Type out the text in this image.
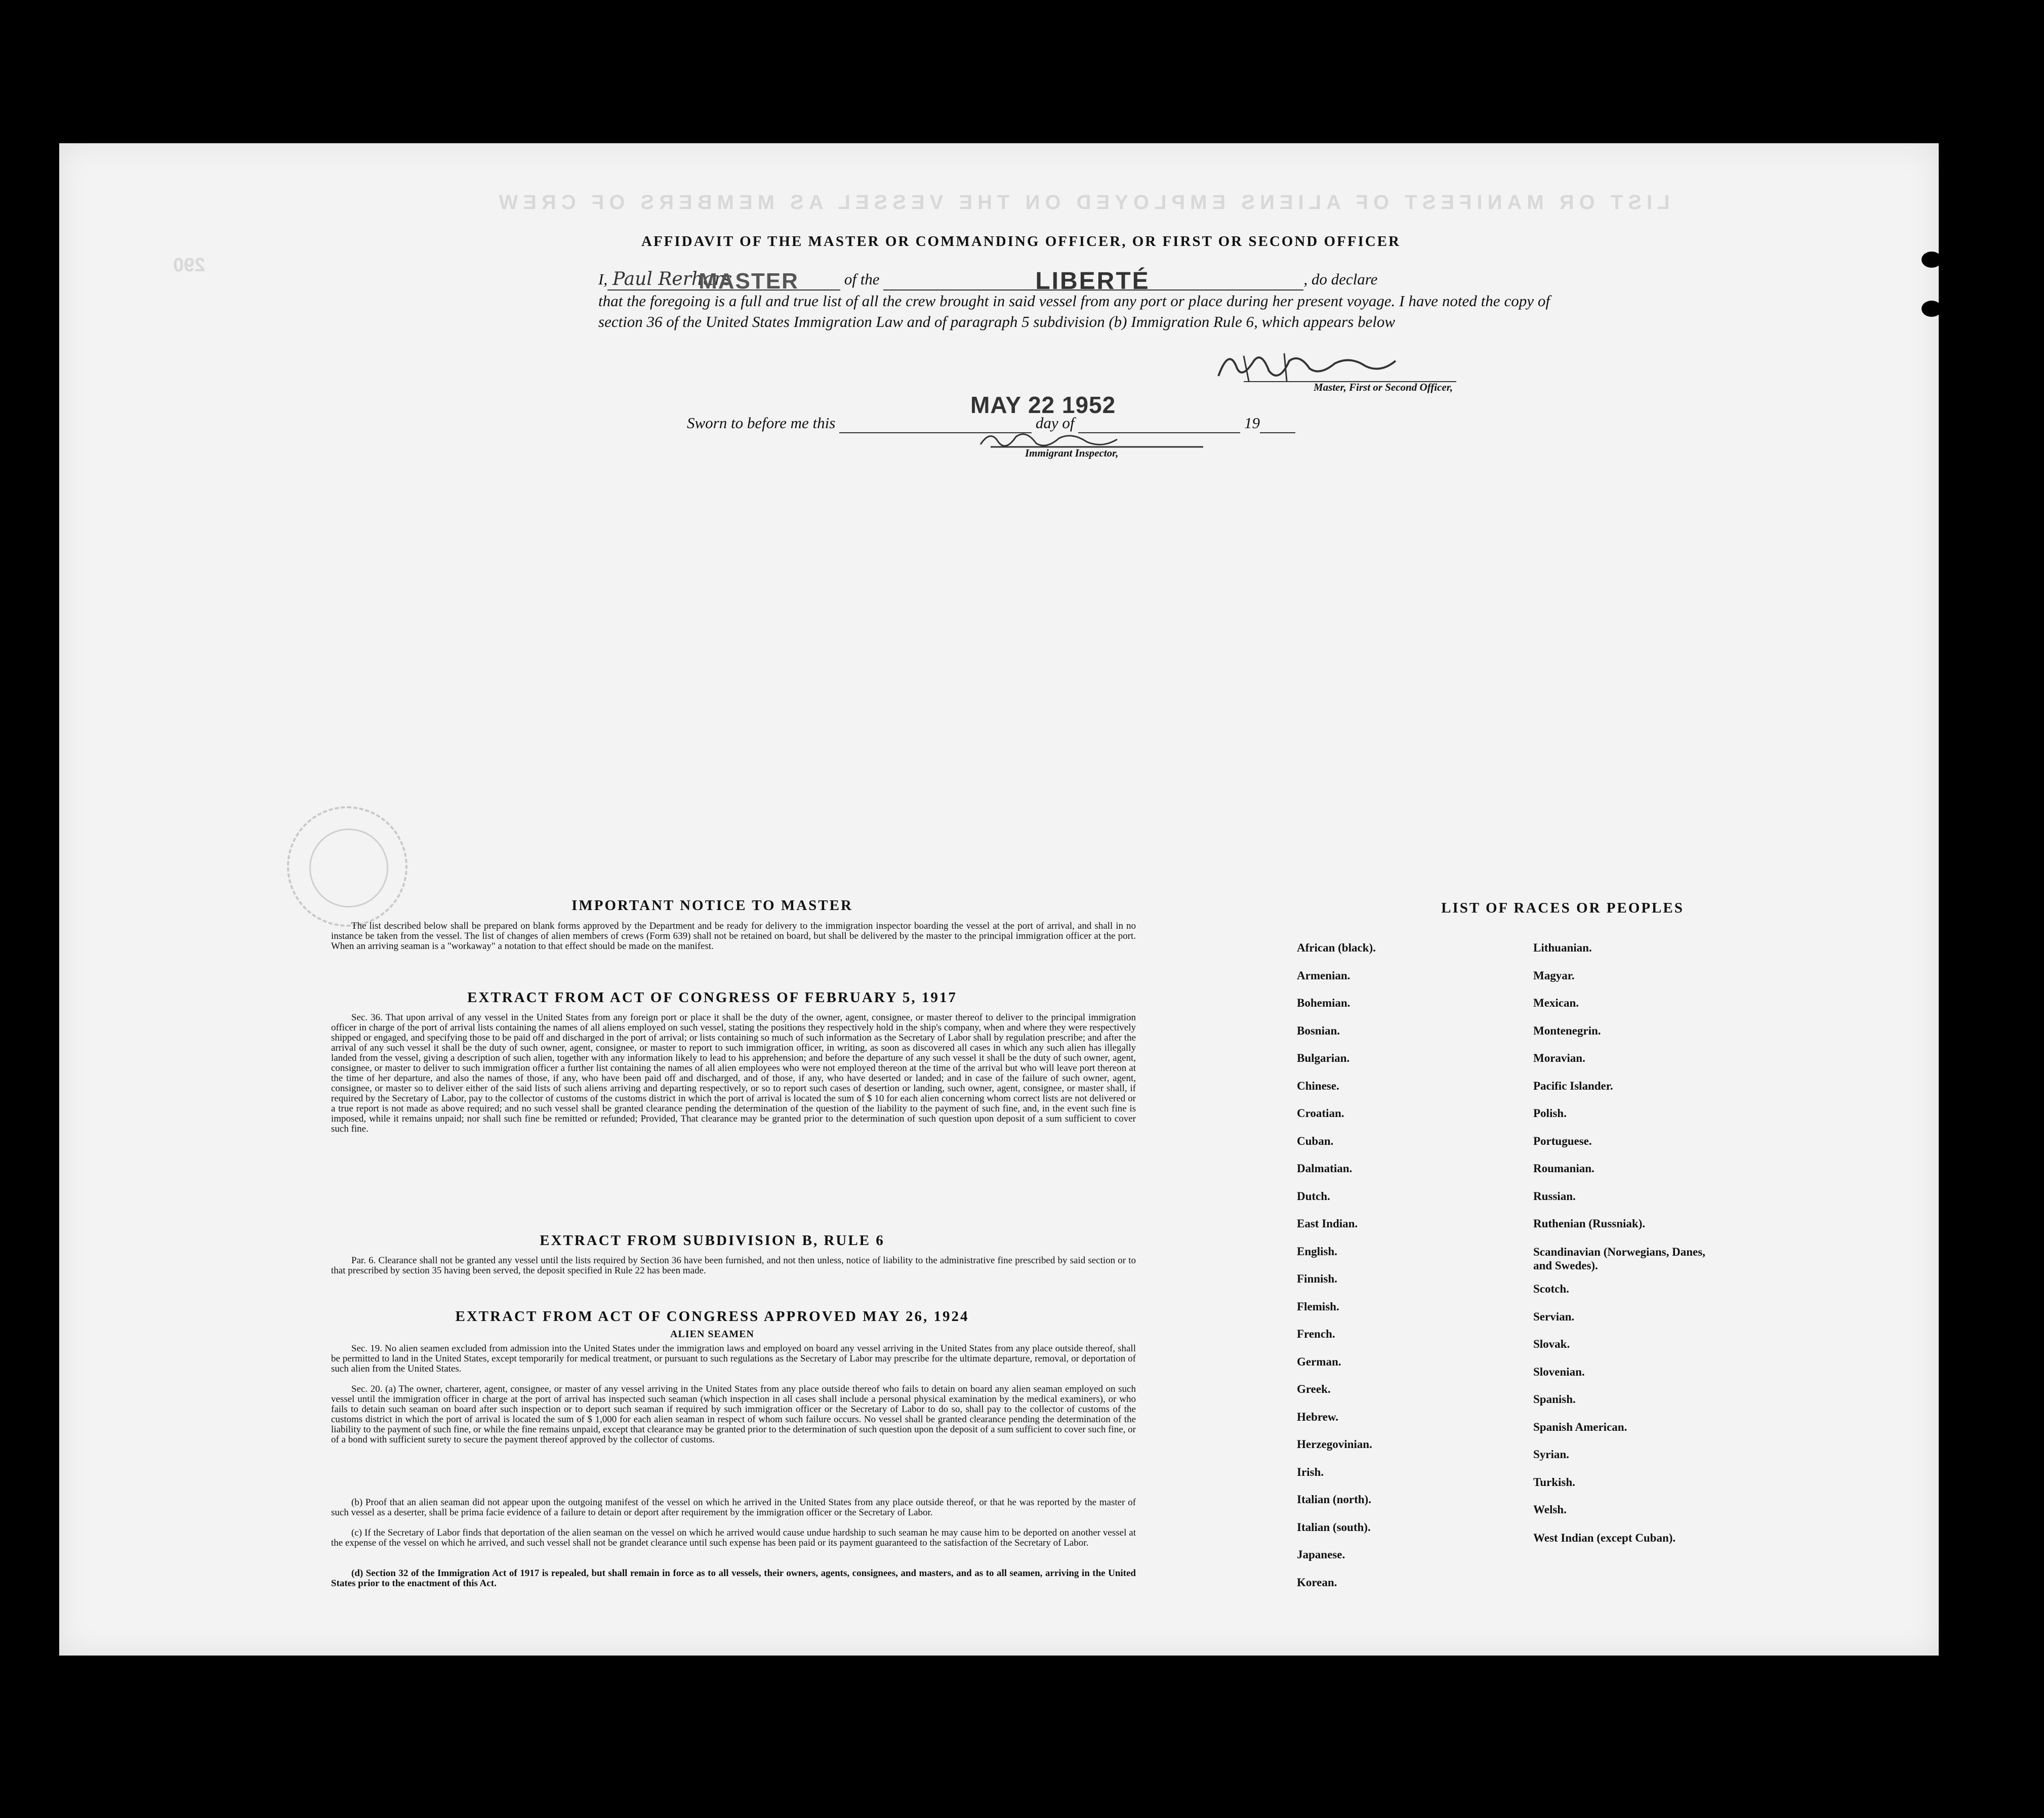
LIST OR MANIFEST OF ALIENS EMPLOYED ON THE VESSEL AS MEMBERS OF CREW
290
AFFIDAVIT OF THE MASTER OR COMMANDING OFFICER, OR FIRST OR SECOND OFFICER
I, Paul Rerhars
MASTER	of the	LIBERTÉ	, do declare
that the foregoing is a full and true list of all the crew brought in said vessel from any port or place during her present voyage. I have noted the copy of section 36 of the United States Immigration Law and of paragraph 5 subdivision (b) Immigration Rule 6, which appears below
Master, First or Second Officer,
MAY 22 1952
Sworn to before me this	day of	19
Immigrant Inspector,
IMPORTANT NOTICE TO MASTER
The list described below shall be prepared on blank forms approved by the Department and be ready for delivery to the immigration inspector boarding the vessel at the port of arrival, and shall in no instance be taken from the vessel. The list of changes of alien members of crews (Form 639) shall not be retained on board, but shall be delivered by the master to the principal immigration officer at the port. When an arriving seaman is a "workaway" a notation to that effect should be made on the manifest.
EXTRACT FROM ACT OF CONGRESS OF FEBRUARY 5, 1917
Sec. 36. That upon arrival of any vessel in the United States from any foreign port or place it shall be the duty of the owner, agent, consignee, or master thereof to deliver to the principal immigration officer in charge of the port of arrival lists containing the names of all aliens employed on such vessel, stating the positions they respectively hold in the ship's company, when and where they were respectively shipped or engaged, and specifying those to be paid off and discharged in the port of arrival; or lists containing so much of such information as the Secretary of Labor shall by regulation prescribe; and after the arrival of any such vessel it shall be the duty of such owner, agent, consignee, or master to report to such immigration officer, in writing, as soon as discovered all cases in which any such alien has illegally landed from the vessel, giving a description of such alien, together with any information likely to lead to his apprehension; and before the departure of any such vessel it shall be the duty of such owner, agent, consignee, or master to deliver to such immigration officer a further list containing the names of all alien employees who were not employed thereon at the time of the arrival but who will leave port thereon at the time of her departure, and also the names of those, if any, who have been paid off and discharged, and of those, if any, who have deserted or landed; and in case of the failure of such owner, agent, consignee, or master so to deliver either of the said lists of such aliens arriving and departing respectively, or so to report such cases of desertion or landing, such owner, agent, consignee, or master shall, if required by the Secretary of Labor, pay to the collector of customs of the customs district in which the port of arrival is located the sum of $ 10 for each alien concerning whom correct lists are not delivered or a true report is not made as above required; and no such vessel shall be granted clearance pending the determination of the question of the liability to the payment of such fine, and, in the event such fine is imposed, while it remains unpaid; nor shall such fine be remitted or refunded; Provided, That clearance may be granted prior to the determination of such question upon deposit of a sum sufficient to cover such fine.
EXTRACT FROM SUBDIVISION B, RULE 6
Par. 6. Clearance shall not be granted any vessel until the lists required by Section 36 have been furnished, and not then unless, notice of liability to the administrative fine prescribed by said section or to that prescribed by section 35 having been served, the deposit specified in Rule 22 has been made.
EXTRACT FROM ACT OF CONGRESS APPROVED MAY 26, 1924
ALIEN SEAMEN
Sec. 19. No alien seamen excluded from admission into the United States under the immigration laws and employed on board any vessel arriving in the United States from any place outside thereof, shall be permitted to land in the United States, except temporarily for medical treatment, or pursuant to such regulations as the Secretary of Labor may prescribe for the ultimate departure, removal, or deportation of such alien from the United States.
Sec. 20. (a) The owner, charterer, agent, consignee, or master of any vessel arriving in the United States from any place outside thereof who fails to detain on board any alien seaman employed on such vessel until the immigration officer in charge at the port of arrival has inspected such seaman (which inspection in all cases shall include a personal physical examination by the medical examiners), or who fails to detain such seaman on board after such inspection or to deport such seaman if required by such immigration officer or the Secretary of Labor to do so, shall pay to the collector of customs of the customs district in which the port of arrival is located the sum of $ 1,000 for each alien seaman in respect of whom such failure occurs. No vessel shall be granted clearance pending the determination of the liability to the payment of such fine, or while the fine remains unpaid, except that clearance may be granted prior to the determination of such question upon the deposit of a sum sufficient to cover such fine, or of a bond with sufficient surety to secure the payment thereof approved by the collector of customs.
(b) Proof that an alien seaman did not appear upon the outgoing manifest of the vessel on which he arrived in the United States from any place outside thereof, or that he was reported by the master of such vessel as a deserter, shall be prima facie evidence of a failure to detain or deport after requirement by the immigration officer or the Secretary of Labor.
(c) If the Secretary of Labor finds that deportation of the alien seaman on the vessel on which he arrived would cause undue hardship to such seaman he may cause him to be deported on another vessel at the expense of the vessel on which he arrived, and such vessel shall not be grandet clearance until such expense has been paid or its payment guaranteed to the satisfaction of the Secretary of Labor.
(d) Section 32 of the Immigration Act of 1917 is repealed, but shall remain in force as to all vessels, their owners, agents, consignees, and masters, and as to all seamen, arriving in the United States prior to the enactment of this Act.
LIST OF RACES OR PEOPLES
African (black).
Armenian.
Bohemian.
Bosnian.
Bulgarian.
Chinese.
Croatian.
Cuban.
Dalmatian.
Dutch.
East Indian.
English.
Finnish.
Flemish.
French.
German.
Greek.
Hebrew.
Herzegovinian.
Irish.
Italian (north).
Italian (south).
Japanese.
Korean.
Lithuanian.
Magyar.
Mexican.
Montenegrin.
Moravian.
Pacific Islander.
Polish.
Portuguese.
Roumanian.
Russian.
Ruthenian (Russniak).
Scandinavian (Norwegians, Danes, and Swedes).
Scotch.
Servian.
Slovak.
Slovenian.
Spanish.
Spanish American.
Syrian.
Turkish.
Welsh.
West Indian (except Cuban).
